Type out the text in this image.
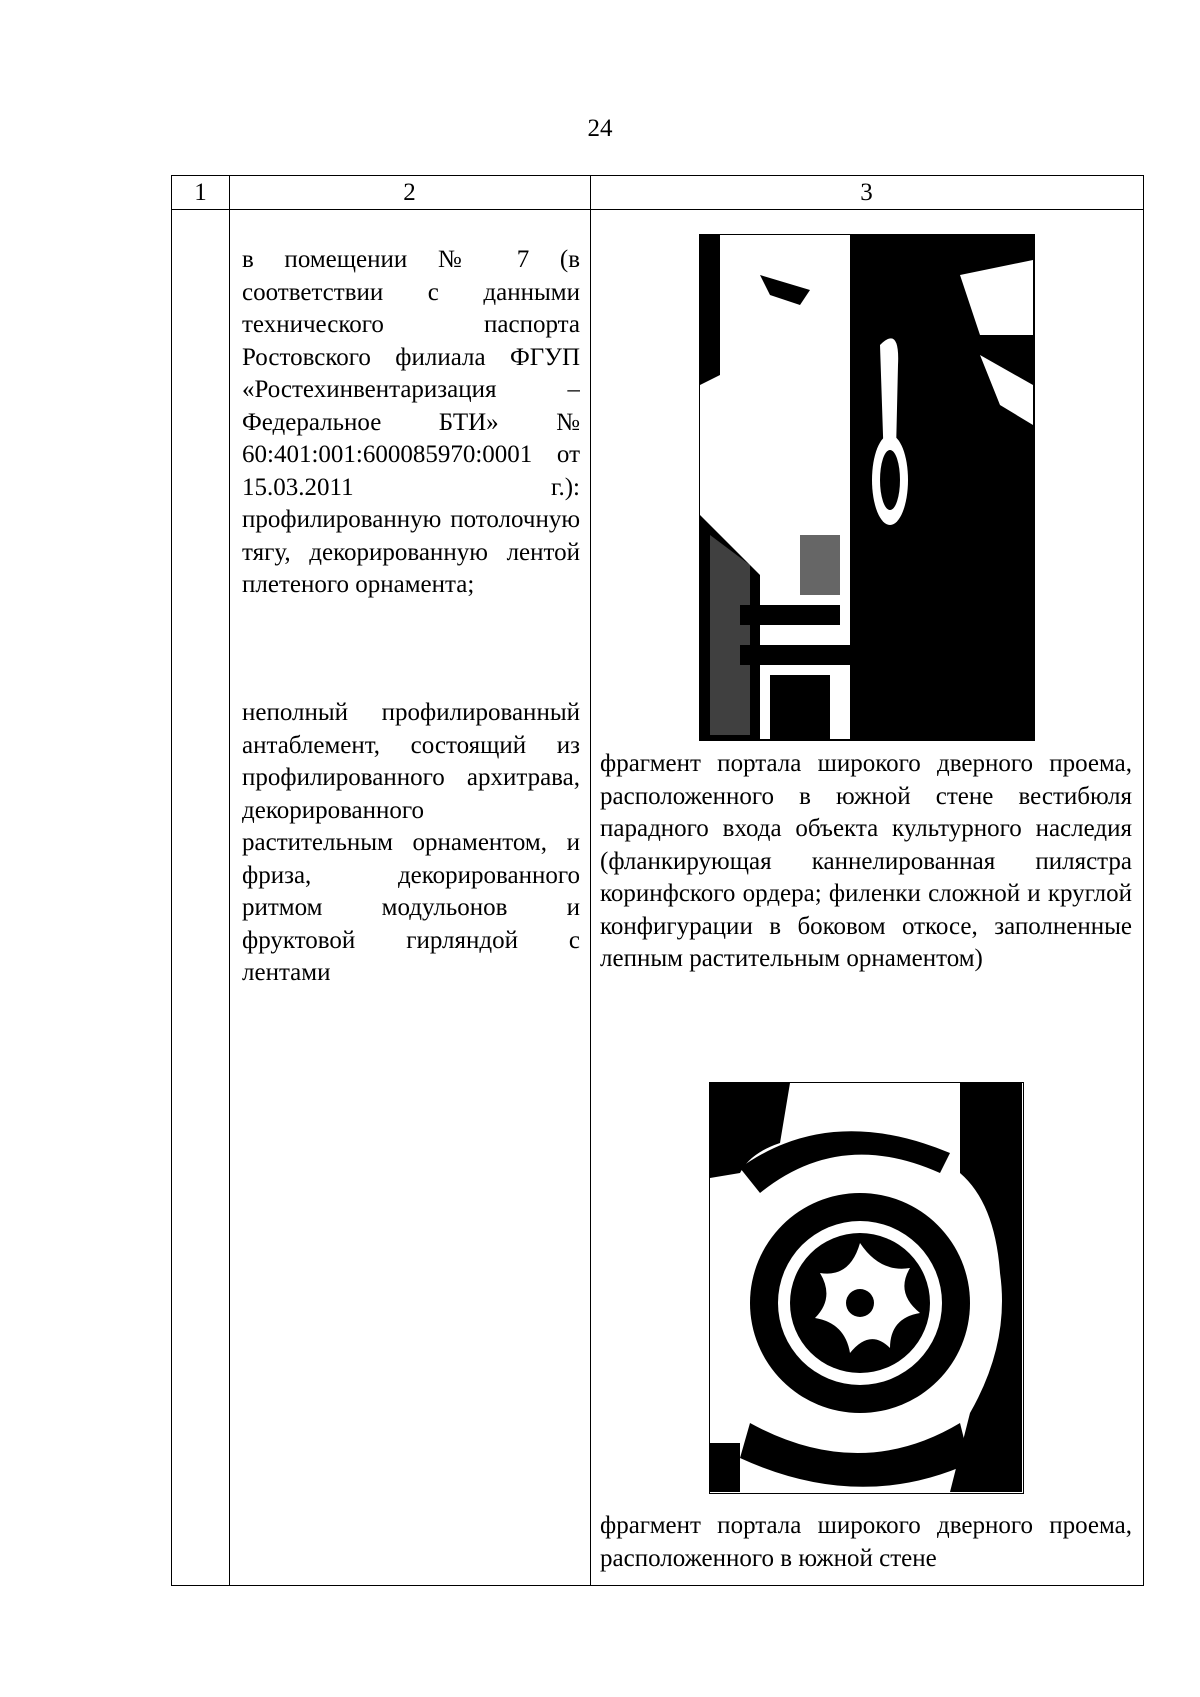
24
1	2	3

в помещении № 7 (в соответствии с данными технического паспорта Ростовского филиала ФГУП «Ростехинвентаризация – Федеральное БТИ» № 60:401:001:600085970:0001 от 15.03.2011 г.): профилированную потолочную тягу, декорированную лентой плетеного орнамента;

неполный профилированный антаблемент, состоящий из профилированного архитрава, декорированного растительным орнаментом, и фриза, декорированного ритмом модульонов и фруктовой гирляндой с лентами

фрагмент портала широкого дверного проема, расположенного в южной стене вестибюля парадного входа объекта культурного наследия (фланкирующая каннелированная пилястра коринфского ордера; филенки сложной и круглой конфигурации в боковом откосе, заполненные лепным растительным орнаментом)

фрагмент портала широкого дверного проема, расположенного в южной стене
